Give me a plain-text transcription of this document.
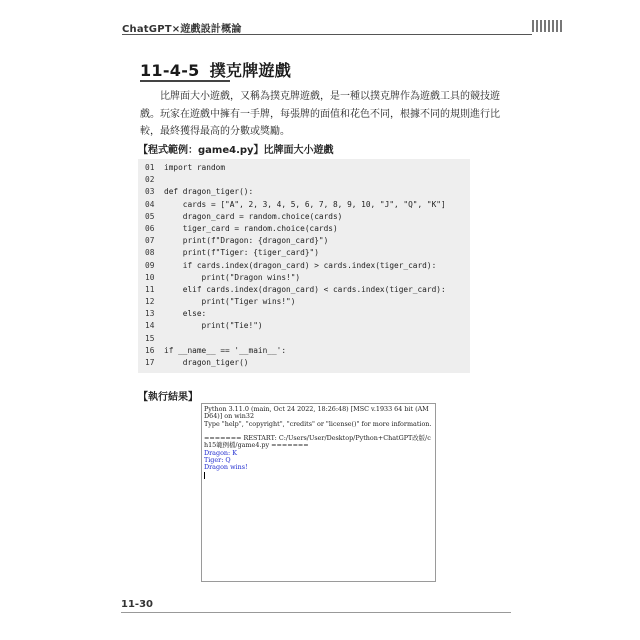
ChatGPT×遊戲設計概論
11-4-5 撲克牌遊戲

比牌面大小遊戲，又稱為撲克牌遊戲，是一種以撲克牌作為遊戲工具的競技遊戲。玩家在遊戲中擁有一手牌，每張牌的面值和花色不同，根據不同的規則進行比較，最終獲得最高的分數或獎勵。

【程式範例：game4.py】比牌面大小遊戲
01	import random
02
03	def dragon_tiger():
04	cards = ["A", 2, 3, 4, 5, 6, 7, 8, 9, 10, "J", "Q", "K"]
05	dragon_card = random.choice(cards)
06	tiger_card = random.choice(cards)
07	print(f"Dragon: {dragon_card}")
08	print(f"Tiger: {tiger_card}")
09	if cards.index(dragon_card) > cards.index(tiger_card):
10	print("Dragon wins!")
11	elif cards.index(dragon_card) < cards.index(tiger_card):
12	print("Tiger wins!")
13	else:
14	print("Tie!")
15
16	if __name__ == '__main__':
17	dragon_tiger()
【執行結果】
Python 3.11.0 (main, Oct 24 2022, 18:26:48) [MSC v.1933 64 bit (AMD64)] on win32
Type "help", "copyright", "credits" or "license()" for more information.
======= RESTART: C:/Users/User/Desktop/Python+ChatGPT改版/ch15範例檔/game4.py =======
Dragon: K
Tiger: Q
Dragon wins!
11-30
